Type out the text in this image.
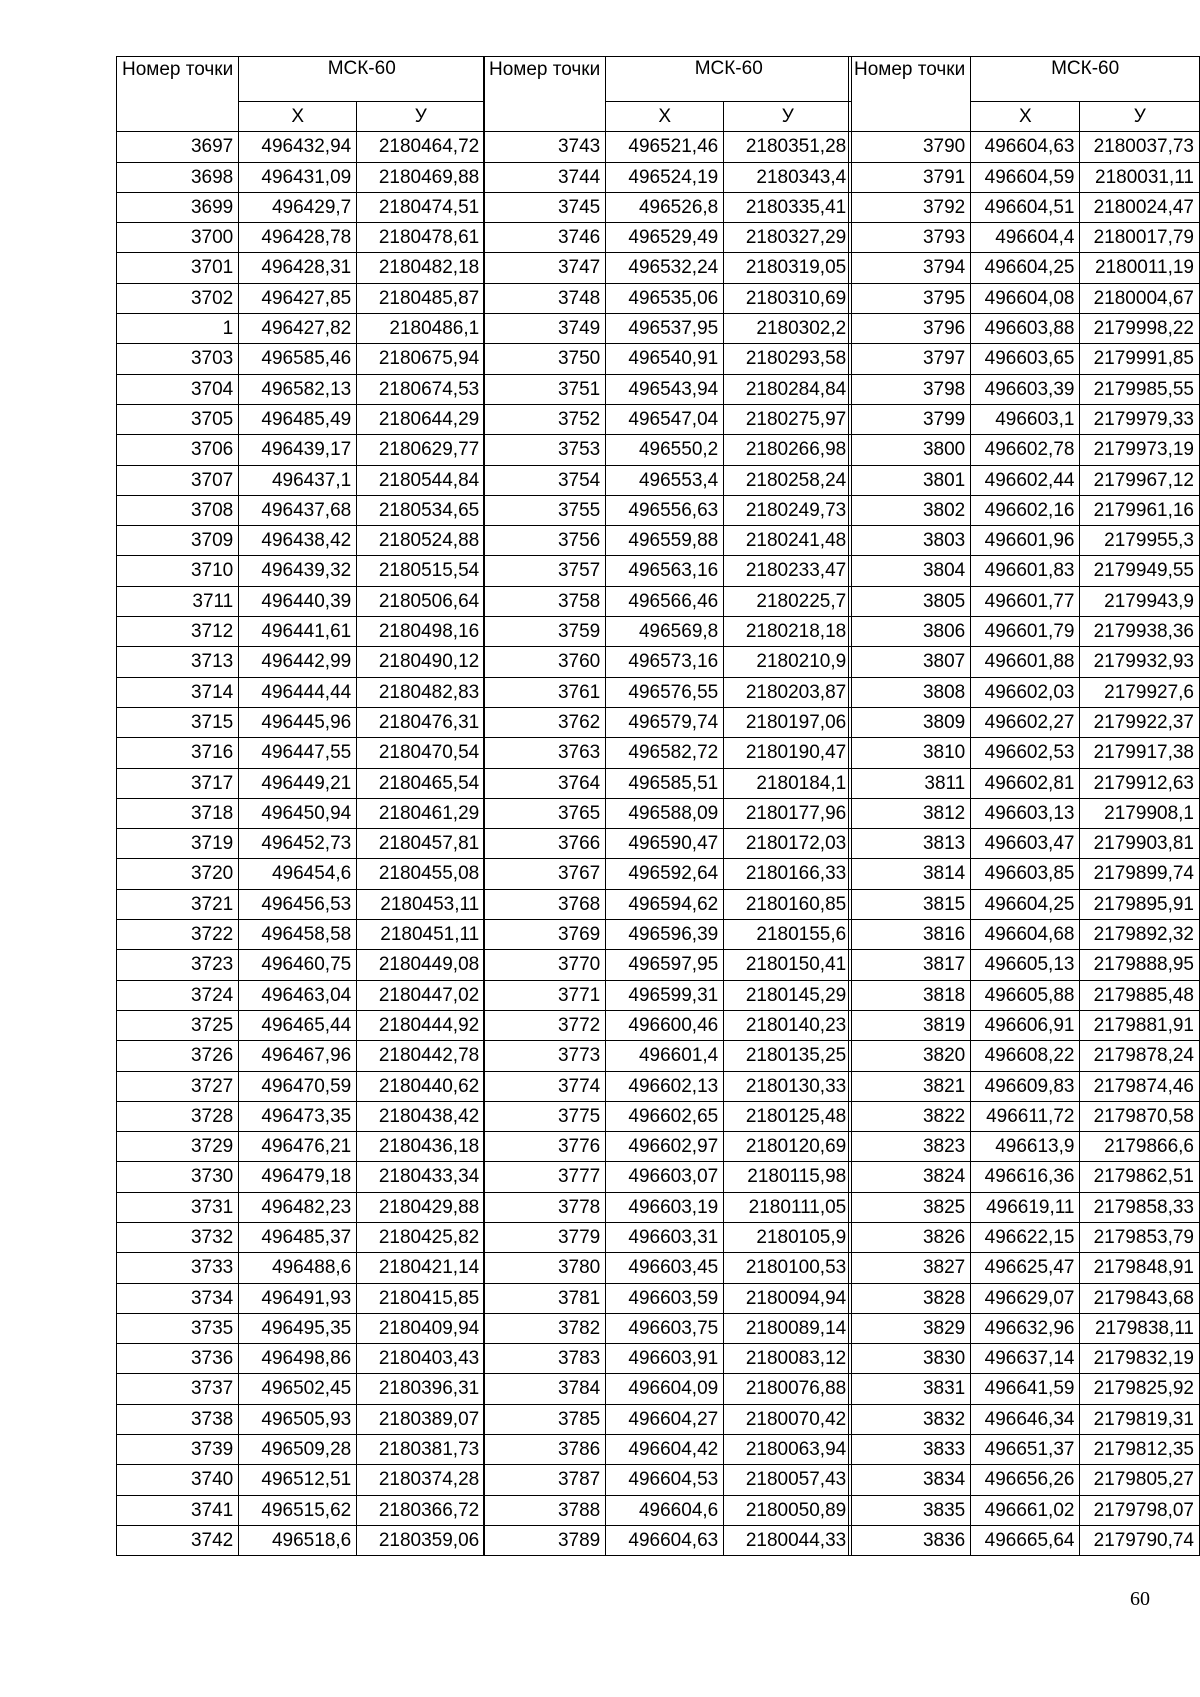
Номер точки	МСК-60	
	Х	У
3697	496432,94	2180464,72
3698	496431,09	2180469,88
3699	496429,7	2180474,51
3700	496428,78	2180478,61
3701	496428,31	2180482,18
3702	496427,85	2180485,87
1	496427,82	2180486,1
3703	496585,46	2180675,94
3704	496582,13	2180674,53
3705	496485,49	2180644,29
3706	496439,17	2180629,77
3707	496437,1	2180544,84
3708	496437,68	2180534,65
3709	496438,42	2180524,88
3710	496439,32	2180515,54
3711	496440,39	2180506,64
3712	496441,61	2180498,16
3713	496442,99	2180490,12
3714	496444,44	2180482,83
3715	496445,96	2180476,31
3716	496447,55	2180470,54
3717	496449,21	2180465,54
3718	496450,94	2180461,29
3719	496452,73	2180457,81
3720	496454,6	2180455,08
3721	496456,53	2180453,11
3722	496458,58	2180451,11
3723	496460,75	2180449,08
3724	496463,04	2180447,02
3725	496465,44	2180444,92
3726	496467,96	2180442,78
3727	496470,59	2180440,62
3728	496473,35	2180438,42
3729	496476,21	2180436,18
3730	496479,18	2180433,34
3731	496482,23	2180429,88
3732	496485,37	2180425,82
3733	496488,6	2180421,14
3734	496491,93	2180415,85
3735	496495,35	2180409,94
3736	496498,86	2180403,43
3737	496502,45	2180396,31
3738	496505,93	2180389,07
3739	496509,28	2180381,73
3740	496512,51	2180374,28
3741	496515,62	2180366,72
3742	496518,6	2180359,06
Номер точки	МСК-60	
	Х	У
3743	496521,46	2180351,28
3744	496524,19	2180343,4
3745	496526,8	2180335,41
3746	496529,49	2180327,29
3747	496532,24	2180319,05
3748	496535,06	2180310,69
3749	496537,95	2180302,2
3750	496540,91	2180293,58
3751	496543,94	2180284,84
3752	496547,04	2180275,97
3753	496550,2	2180266,98
3754	496553,4	2180258,24
3755	496556,63	2180249,73
3756	496559,88	2180241,48
3757	496563,16	2180233,47
3758	496566,46	2180225,7
3759	496569,8	2180218,18
3760	496573,16	2180210,9
3761	496576,55	2180203,87
3762	496579,74	2180197,06
3763	496582,72	2180190,47
3764	496585,51	2180184,1
3765	496588,09	2180177,96
3766	496590,47	2180172,03
3767	496592,64	2180166,33
3768	496594,62	2180160,85
3769	496596,39	2180155,6
3770	496597,95	2180150,41
3771	496599,31	2180145,29
3772	496600,46	2180140,23
3773	496601,4	2180135,25
3774	496602,13	2180130,33
3775	496602,65	2180125,48
3776	496602,97	2180120,69
3777	496603,07	2180115,98
3778	496603,19	2180111,05
3779	496603,31	2180105,9
3780	496603,45	2180100,53
3781	496603,59	2180094,94
3782	496603,75	2180089,14
3783	496603,91	2180083,12
3784	496604,09	2180076,88
3785	496604,27	2180070,42
3786	496604,42	2180063,94
3787	496604,53	2180057,43
3788	496604,6	2180050,89
3789	496604,63	2180044,33
Номер точки	МСК-60	
	Х	У
3790	496604,63	2180037,73
3791	496604,59	2180031,11
3792	496604,51	2180024,47
3793	496604,4	2180017,79
3794	496604,25	2180011,19
3795	496604,08	2180004,67
3796	496603,88	2179998,22
3797	496603,65	2179991,85
3798	496603,39	2179985,55
3799	496603,1	2179979,33
3800	496602,78	2179973,19
3801	496602,44	2179967,12
3802	496602,16	2179961,16
3803	496601,96	2179955,3
3804	496601,83	2179949,55
3805	496601,77	2179943,9
3806	496601,79	2179938,36
3807	496601,88	2179932,93
3808	496602,03	2179927,6
3809	496602,27	2179922,37
3810	496602,53	2179917,38
3811	496602,81	2179912,63
3812	496603,13	2179908,1
3813	496603,47	2179903,81
3814	496603,85	2179899,74
3815	496604,25	2179895,91
3816	496604,68	2179892,32
3817	496605,13	2179888,95
3818	496605,88	2179885,48
3819	496606,91	2179881,91
3820	496608,22	2179878,24
3821	496609,83	2179874,46
3822	496611,72	2179870,58
3823	496613,9	2179866,6
3824	496616,36	2179862,51
3825	496619,11	2179858,33
3826	496622,15	2179853,79
3827	496625,47	2179848,91
3828	496629,07	2179843,68
3829	496632,96	2179838,11
3830	496637,14	2179832,19
3831	496641,59	2179825,92
3832	496646,34	2179819,31
3833	496651,37	2179812,35
3834	496656,26	2179805,27
3835	496661,02	2179798,07
3836	496665,64	2179790,74
60
